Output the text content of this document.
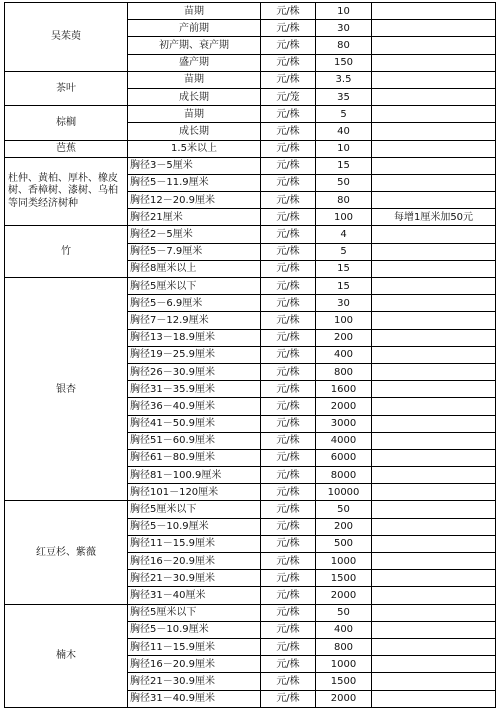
吴茱萸	苗期	元/株	10	
	产前期	元/株	30	
	初产期、衰产期	元/株	80	
	盛产期	元/株	150	
茶叶	苗期	元/株	3.5	
	成长期	元/笼	35	
棕榈	苗期	元/株	5	
	成长期	元/株	40	
芭蕉	1.5米以上	元/株	10	
杜仲、黄柏、厚朴、橡皮树、香樟树、漆树、乌桕等同类经济树种	胸径3－5厘米	元/株	15	
	胸径5－11.9厘米	元/株	50	
	胸径12－20.9厘米	元/株	80	
	胸径21厘米	元/株	100	每增1厘米加50元
竹	胸径2－5厘米	元/株	4	
	胸径5－7.9厘米	元/株	5	
	胸径8厘米以上	元/株	15	
银杏	胸径5厘米以下	元/株	15	
	胸径5－6.9厘米	元/株	30	
	胸径7－12.9厘米	元/株	100	
	胸径13－18.9厘米	元/株	200	
	胸径19－25.9厘米	元/株	400	
	胸径26－30.9厘米	元/株	800	
	胸径31－35.9厘米	元/株	1600	
	胸径36－40.9厘米	元/株	2000	
	胸径41－50.9厘米	元/株	3000	
	胸径51－60.9厘米	元/株	4000	
	胸径61－80.9厘米	元/株	6000	
	胸径81－100.9厘米	元/株	8000	
	胸径101－120厘米	元/株	10000	
红豆杉、紫薇	胸径5厘米以下	元/株	50	
	胸径5－10.9厘米	元/株	200	
	胸径11－15.9厘米	元/株	500	
	胸径16－20.9厘米	元/株	1000	
	胸径21－30.9厘米	元/株	1500	
	胸径31－40厘米	元/株	2000	
楠木	胸径5厘米以下	元/株	50	
	胸径5－10.9厘米	元/株	400	
	胸径11－15.9厘米	元/株	800	
	胸径16－20.9厘米	元/株	1000	
	胸径21－30.9厘米	元/株	1500	
	胸径31－40.9厘米	元/株	2000	
